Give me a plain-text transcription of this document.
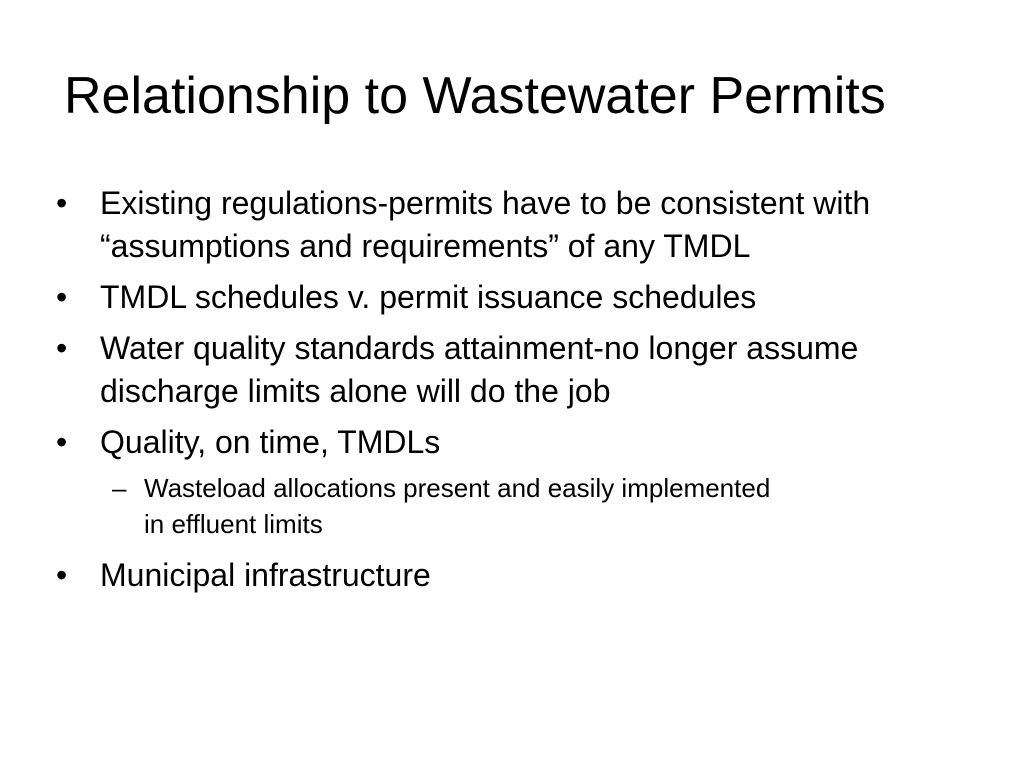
Relationship to Wastewater Permits
•	Existing regulations-permits have to be consistent with “assumptions and requirements” of any TMDL
•	TMDL schedules v. permit issuance schedules
•	Water quality standards attainment-no longer assume discharge limits alone will do the job
•	Quality, on time, TMDLs
– Wasteload allocations present and easily implemented in effluent limits
•	Municipal infrastructure
